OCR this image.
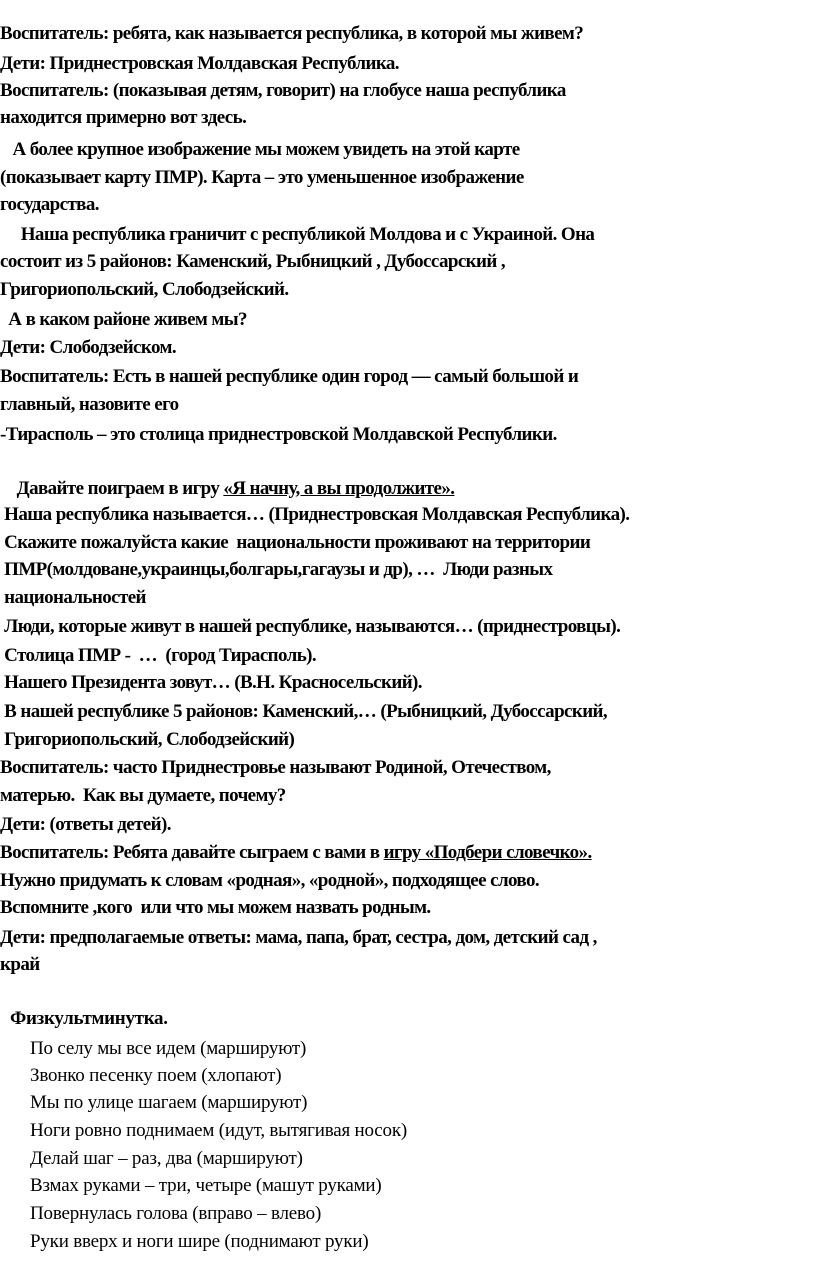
Воспитатель: ребята, как называется республика, в которой мы живем?
Дети: Приднестровская Молдавская Республика.
Воспитатель: (показывая детям, говорит) на глобусе наша республика
находится примерно вот здесь.
А более крупное изображение мы можем увидеть на этой карте
(показывает карту ПМР). Карта – это уменьшенное изображение
государства.
Наша республика граничит с республикой Молдова и с Украиной. Она
состоит из 5 районов: Каменский, Рыбницкий , Дубоссарский ,
Григориопольский, Слободзейский.
А в каком районе живем мы?
Дети: Слободзейском.
Воспитатель: Есть в нашей республике один город — самый большой и
главный, назовите его
-Тирасполь – это столица приднестровской Молдавской Республики.
Давайте поиграем в игру «Я начну, а вы продолжите».
Наша республика называется… (Приднестровская Молдавская Республика).
Скажите пожалуйста какие  национальности проживают на территории
ПМР(молдоване,украинцы,болгары,гагаузы и др), …  Люди разных
национальностей
Люди, которые живут в нашей республике, называются… (приднестровцы).
Столица ПМР -  …  (город Тирасполь).
Нашего Президента зовут… (В.Н. Красносельский).
В нашей республике 5 районов: Каменский,… (Рыбницкий, Дубоссарский,
Григориопольский, Слободзейский)
Воспитатель: часто Приднестровье называют Родиной, Отечеством,
матерью.  Как вы думаете, почему?
Дети: (ответы детей).
Воспитатель: Ребята давайте сыграем с вами в игру «Подбери словечко».
Нужно придумать к словам «родная», «родной», подходящее слово.
Вспомните ,кого  или что мы можем назвать родным.
Дети: предполагаемые ответы: мама, папа, брат, сестра, дом, детский сад ,
край
Физкультминутка.
По селу мы все идем (маршируют)
Звонко песенку поем (хлопают)
Мы по улице шагаем (маршируют)
Ноги ровно поднимаем (идут, вытягивая носок)
Делай шаг – раз, два (маршируют)
Взмах руками – три, четыре (машут руками)
Повернулась голова (вправо – влево)
Руки вверх и ноги шире (поднимают руки)
